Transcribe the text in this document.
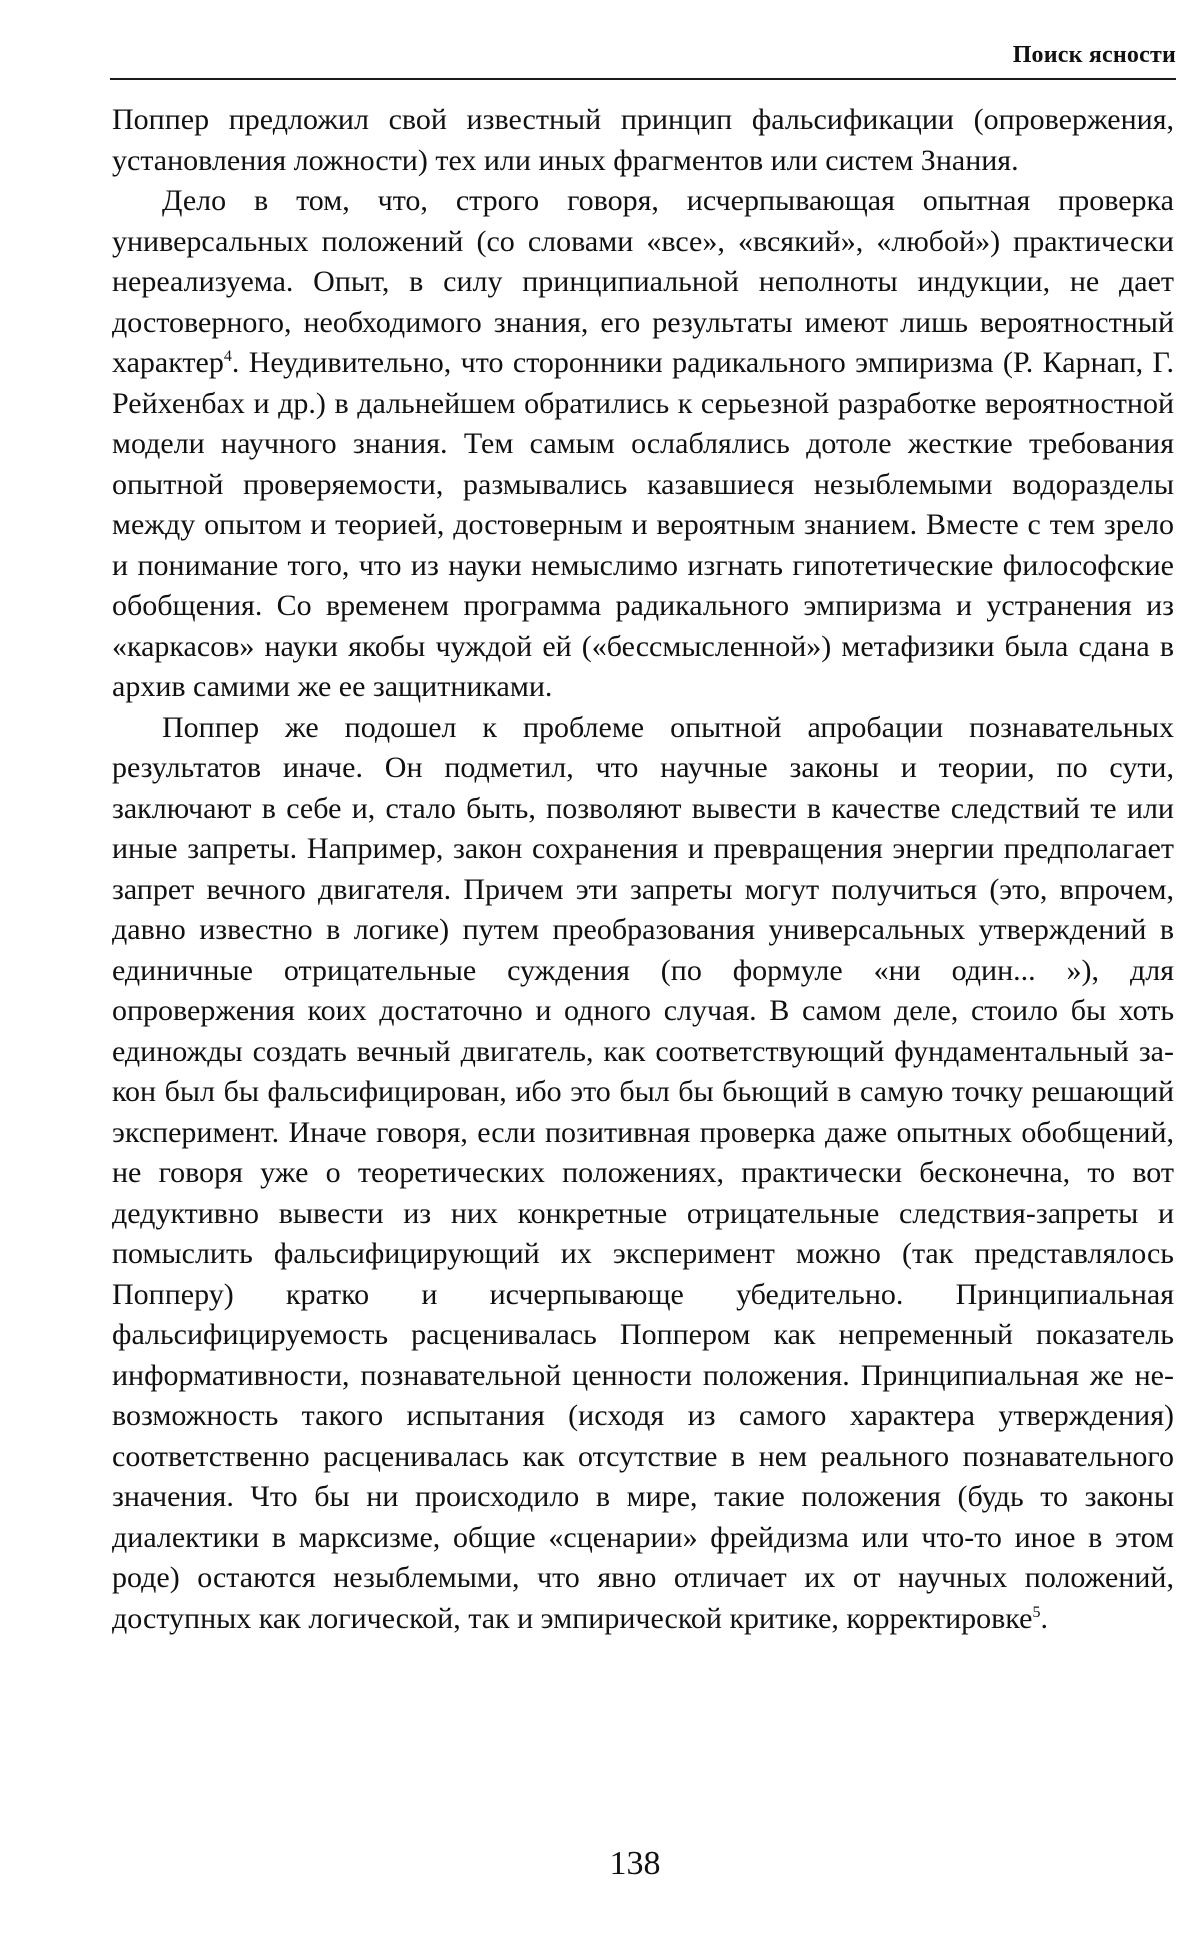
Поиск ясности

Поппер предложил свой известный принцип фальсификации (опровержения, установления ложности) тех или иных фрагментов или систем Знания.

Дело в том, что, строго говоря, исчерпывающая опытная проверка универсальных положений (со словами «все», «всякий», «любой») практически нереализуема. Опыт, в силу принципиальной неполноты индукции, не дает достоверного, необходимого знания, его результаты имеют лишь вероятностный характер$^4$. Неудивительно, что сторонники радикального эмпиризма (Р. Карнап, Г. Рейхенбах и др.) в дальнейшем обратились к серьезной разработке вероятностной модели научного знания. Тем самым ослаблялись дотоле жесткие требования опытной проверяемости, размывались казавшиеся незыблемыми водоразделы между опытом и теорией, достоверным и вероятным знанием. Вместе с тем зрело и понимание того, что из науки немыслимо изгнать гипотетические философские обобщения. Со временем программа радикального эмпиризма и устранения из «каркасов» науки якобы чуждой ей («бессмысленной») метафизики была сдана в архив самими же ее защитниками.

Поппер же подошел к проблеме опытной апробации познавательных результатов иначе. Он подметил, что научные законы и теории, по сути, заключают в себе и, стало быть, позволяют вывести в качестве следствий те или иные запреты. Например, закон сохранения и превращения энергии предполагает запрет вечного двигателя. Причем эти запреты могут получиться (это, впрочем, давно известно в логике) путем преобразования универсальных утверждений в единичные отрицательные суждения (по формуле «ни один... »), для опровержения коих достаточно и одного случая. В самом деле, стоило бы хоть единожды создать вечный двигатель, как соответствующий фундаментальный закон был бы фальсифицирован, ибо это был бы бьющий в самую точку решающий эксперимент. Иначе говоря, если позитивная проверка даже опытных обобщений, не говоря уже о теоретических положениях, практически бесконечна, то вот дедуктивно вывести из них конкретные отрицательные следствия-запреты и помыслить фальсифицирующий их эксперимент можно (так представлялось Попперу) кратко и исчерпывающе убедительно. Принципиальная фальсифицируемость расценивалась Поппером как непременный показатель информативности, познавательной ценности положения. Принципиальная же невозможность такого испытания (исходя из самого характера утверждения) соответственно расценивалась как отсутствие в нем реального познавательного значения. Что бы ни происходило в мире, такие положения (будь то законы диалектики в марксизме, общие «сценарии» фрейдизма или что-то иное в этом роде) остаются незыблемыми, что явно отличает их от научных положений, доступных как логической, так и эмпирической критике, корректировке$^5$.

138
